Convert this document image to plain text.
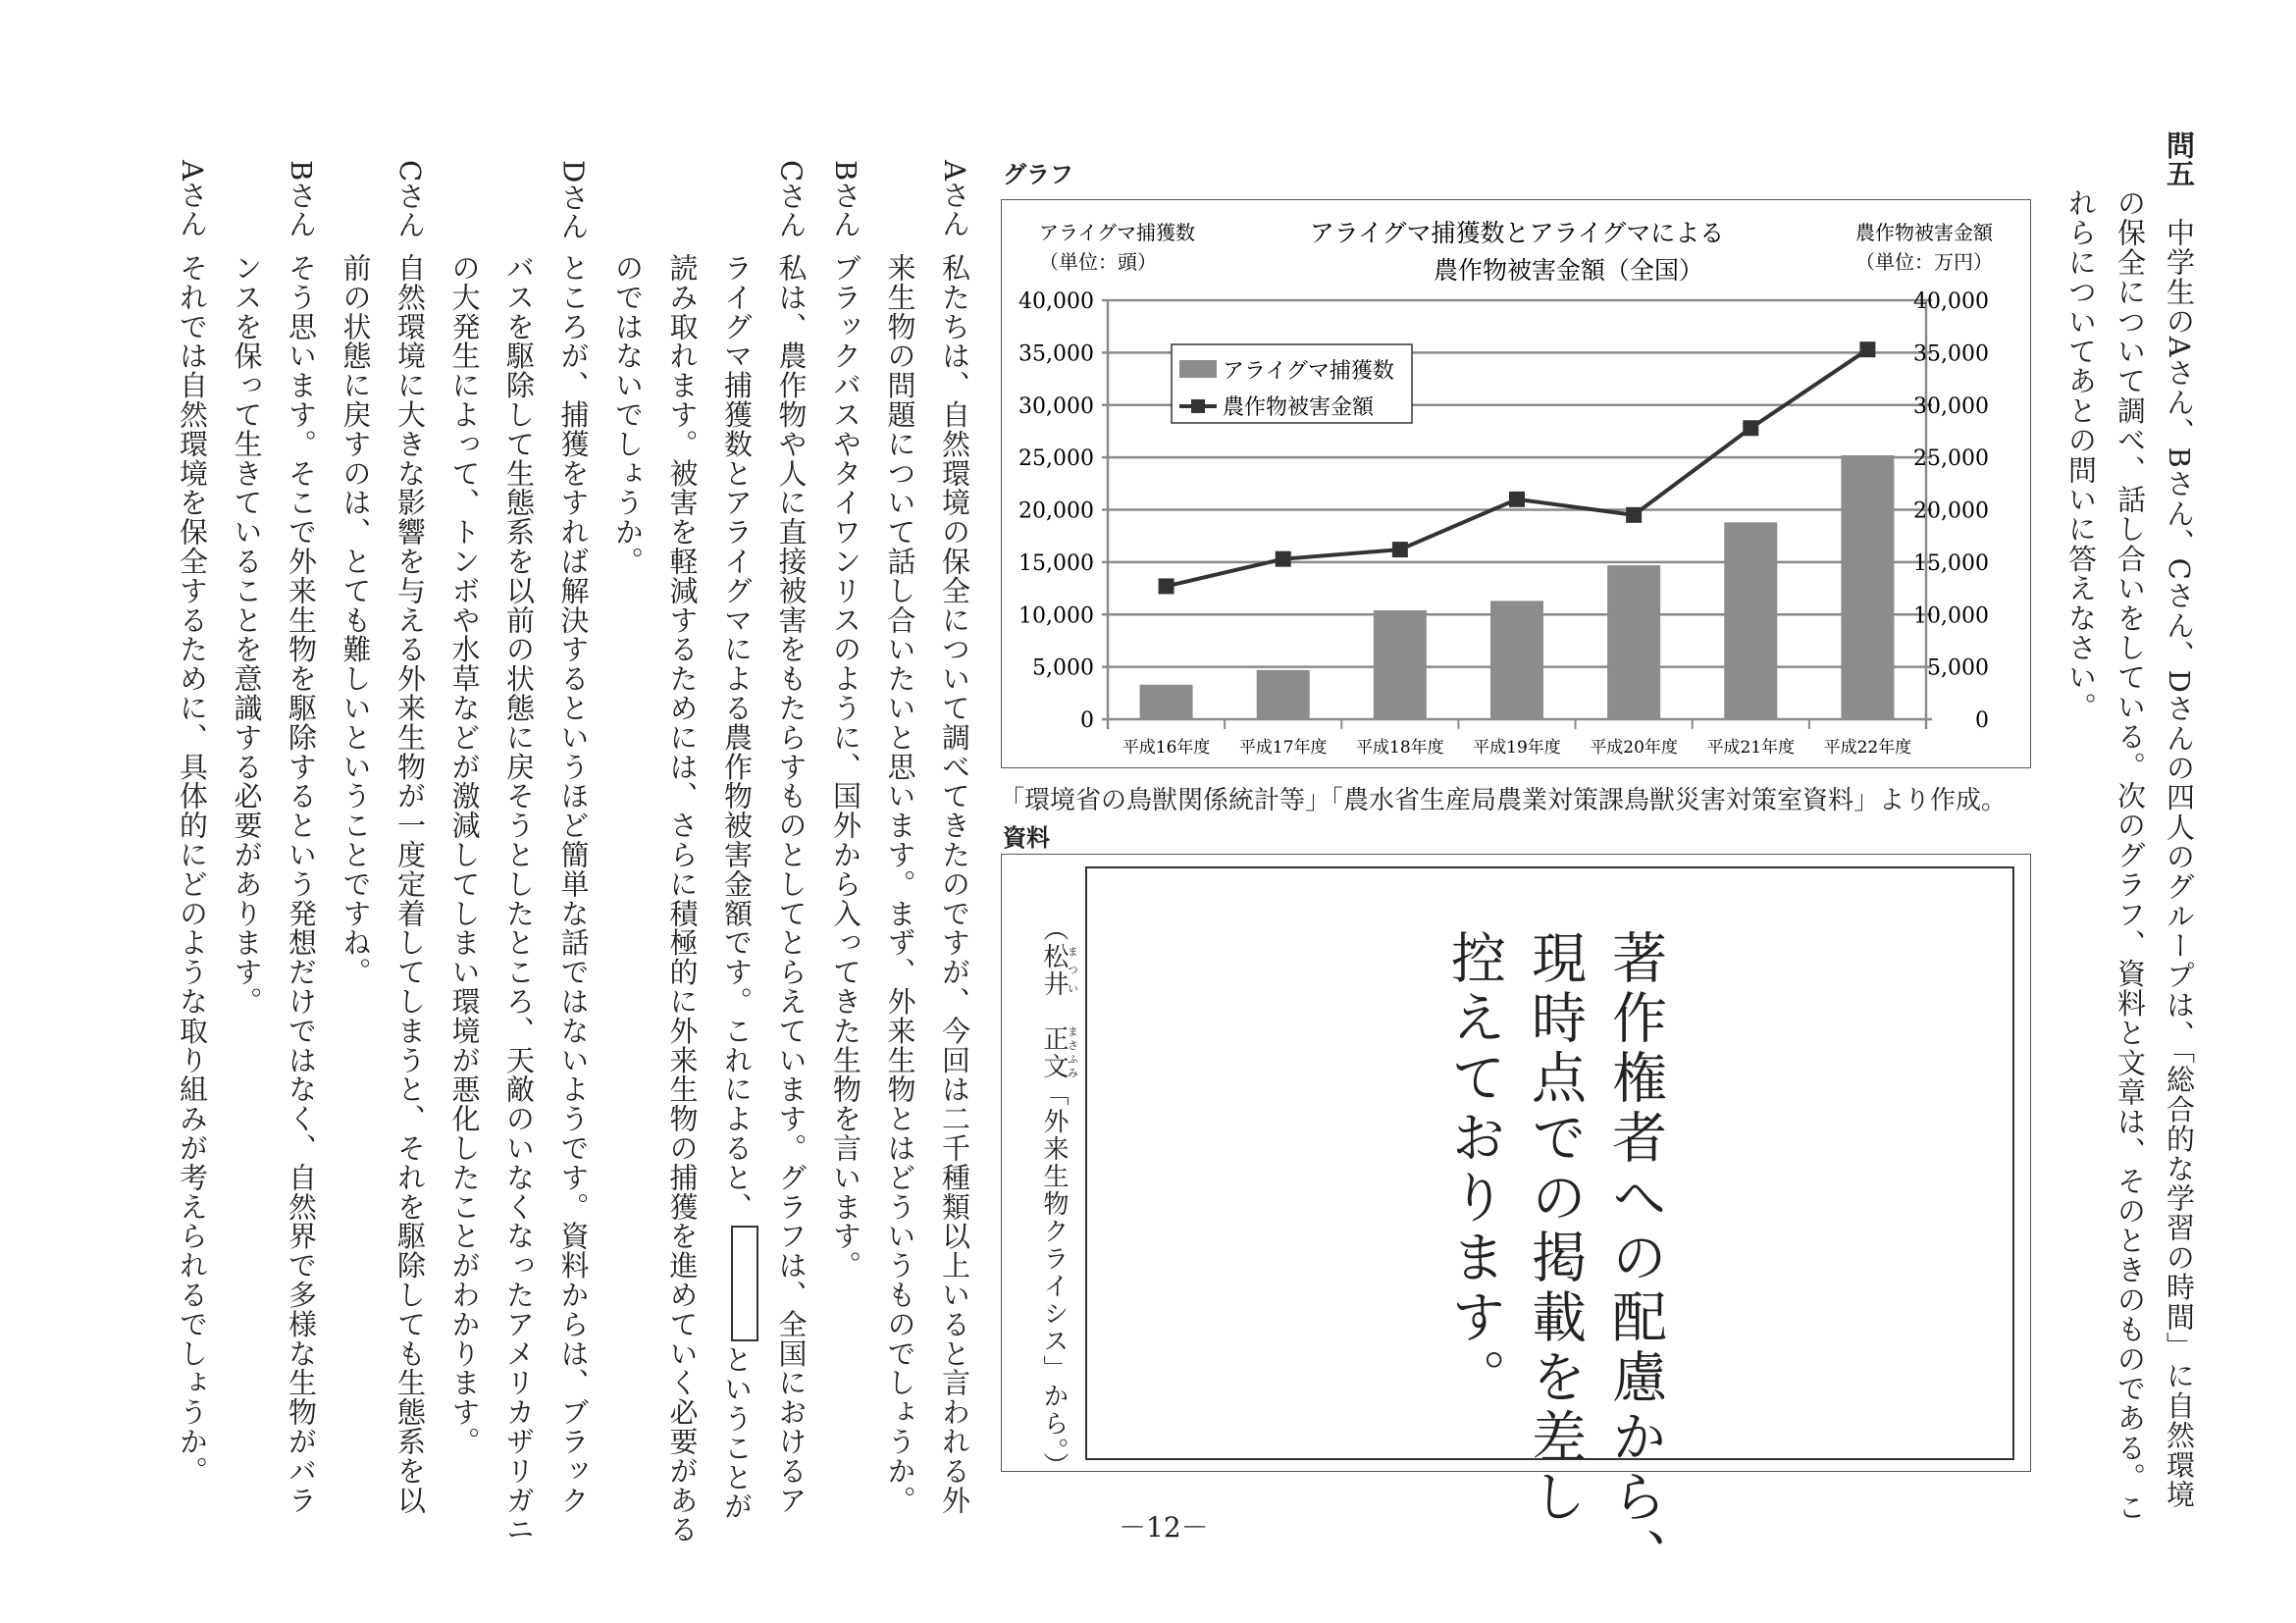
問五
中学生のAさん、Bさん、Cさん、Dさんの四人のグループは、「総合的な学習の時間」に自然環境
の保全について調べ、話し合いをしている。次のグラフ、資料と文章は、そのときのものである。こ
れらについてあとの問いに答えなさい。
グラフ
アライグマ捕獲数
（単位：頭）
アライグマ捕獲数とアライグマによる
農作物被害金額（全国）
農作物被害金額
（単位：万円）
0	0
5,000	5,000
10,000	10,000
15,000	15,000
20,000	20,000
25,000	25,000
30,000	30,000
35,000	35,000
40,000	40,000
平成16年度 平成17年度 平成18年度 平成19年度 平成20年度 平成21年度 平成22年度
アライグマ捕獲数
農作物被害金額
「環境省の鳥獣関係統計等」「農水省生産局農業対策課鳥獣災害対策室資料」より作成。
資料
（松井まつい　正文まさふみ「外来生物クライシス」から。）	著作権者への配慮から、
現時点での掲載を差し
控えております。
Aさん
私たちは、自然環境の保全について調べてきたのですが、今回は二千種類以上いると言われる外
来生物の問題について話し合いたいと思います。まず、外来生物とはどういうものでしょうか。
Bさん
ブラックバスやタイワンリスのように、国外から入ってきた生物を言います。
Cさん
私は、農作物や人に直接被害をもたらすものとしてとらえています。グラフは、全国におけるア
ライグマ捕獲数とアライグマによる農作物被害金額です。これによると、ということが
読み取れます。被害を軽減するためには、さらに積極的に外来生物の捕獲を進めていく必要がある
のではないでしょうか。
Dさん
ところが、捕獲をすれば解決するというほど簡単な話ではないようです。資料からは、ブラック
バスを駆除して生態系を以前の状態に戻そうとしたところ、天敵のいなくなったアメリカザリガニ
の大発生によって、トンボや水草などが激減してしまい環境が悪化したことがわかります。
Cさん
自然環境に大きな影響を与える外来生物が一度定着してしまうと、それを駆除しても生態系を以
前の状態に戻すのは、とても難しいということですね。
Bさん
そう思います。そこで外来生物を駆除するという発想だけではなく、自然界で多様な生物がバラ
ンスを保って生きていることを意識する必要があります。
Aさん
それでは自然環境を保全するために、具体的にどのような取り組みが考えられるでしょうか。
－12－
